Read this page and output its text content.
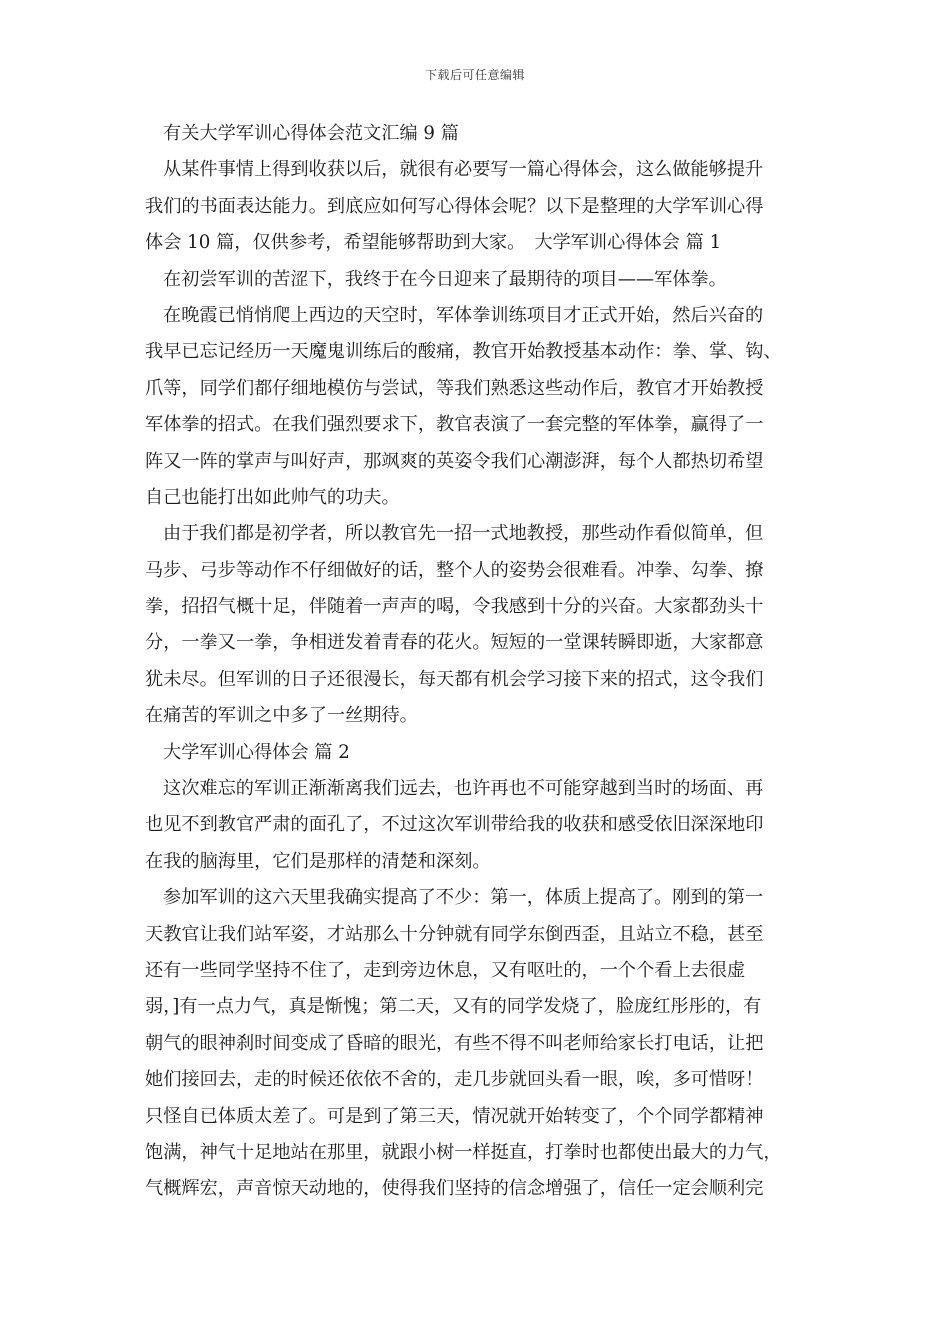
下载后可任意编辑
有关大学军训心得体会范文汇编 9 篇
从某件事情上得到收获以后，就很有必要写一篇心得体会，这么做能够提升
我们的书面表达能力。到底应如何写心得体会呢？以下是整理的大学军训心得
体会 10 篇，仅供参考，希望能够帮助到大家。　大学军训心得体会 篇 1
在初尝军训的苦涩下，我终于在今日迎来了最期待的项目——军体拳。
在晚霞已悄悄爬上西边的天空时，军体拳训练项目才正式开始，然后兴奋的
我早已忘记经历一天魔鬼训练后的酸痛，教官开始教授基本动作：拳、掌、钩、
爪等，同学们都仔细地模仿与尝试，等我们熟悉这些动作后，教官才开始教授
军体拳的招式。在我们强烈要求下，教官表演了一套完整的军体拳，赢得了一
阵又一阵的掌声与叫好声，那飒爽的英姿令我们心潮澎湃，每个人都热切希望
自己也能打出如此帅气的功夫。
由于我们都是初学者，所以教官先一招一式地教授，那些动作看似简单，但
马步、弓步等动作不仔细做好的话，整个人的姿势会很难看。冲拳、勾拳、撩
拳，招招气概十足，伴随着一声声的喝，令我感到十分的兴奋。大家都劲头十
分，一拳又一拳，争相迸发着青春的花火。短短的一堂课转瞬即逝，大家都意
犹未尽。但军训的日子还很漫长，每天都有机会学习接下来的招式，这令我们
在痛苦的军训之中多了一丝期待。
大学军训心得体会 篇 2
这次难忘的军训正渐渐离我们远去，也许再也不可能穿越到当时的场面、再
也见不到教官严肃的面孔了，不过这次军训带给我的收获和感受依旧深深地印
在我的脑海里，它们是那样的清楚和深刻。
参加军训的这六天里我确实提高了不少：第一，体质上提高了。刚到的第一
天教官让我们站军姿，才站那么十分钟就有同学东倒西歪，且站立不稳，甚至
还有一些同学坚持不住了，走到旁边休息，又有呕吐的，一个个看上去很虚
弱，]有一点力气，真是惭愧；第二天，又有的同学发烧了，脸庞红彤彤的，有
朝气的眼神刹时间变成了昏暗的眼光，有些不得不叫老师给家长打电话，让把
她们接回去，走的时候还依依不舍的，走几步就回头看一眼，唉，多可惜呀！
只怪自已体质太差了。可是到了第三天，情况就开始转变了，个个同学都精神
饱满，神气十足地站在那里，就跟小树一样挺直，打拳时也都使出最大的力气，
气概辉宏，声音惊天动地的，使得我们坚持的信念增强了，信任一定会顺利完
